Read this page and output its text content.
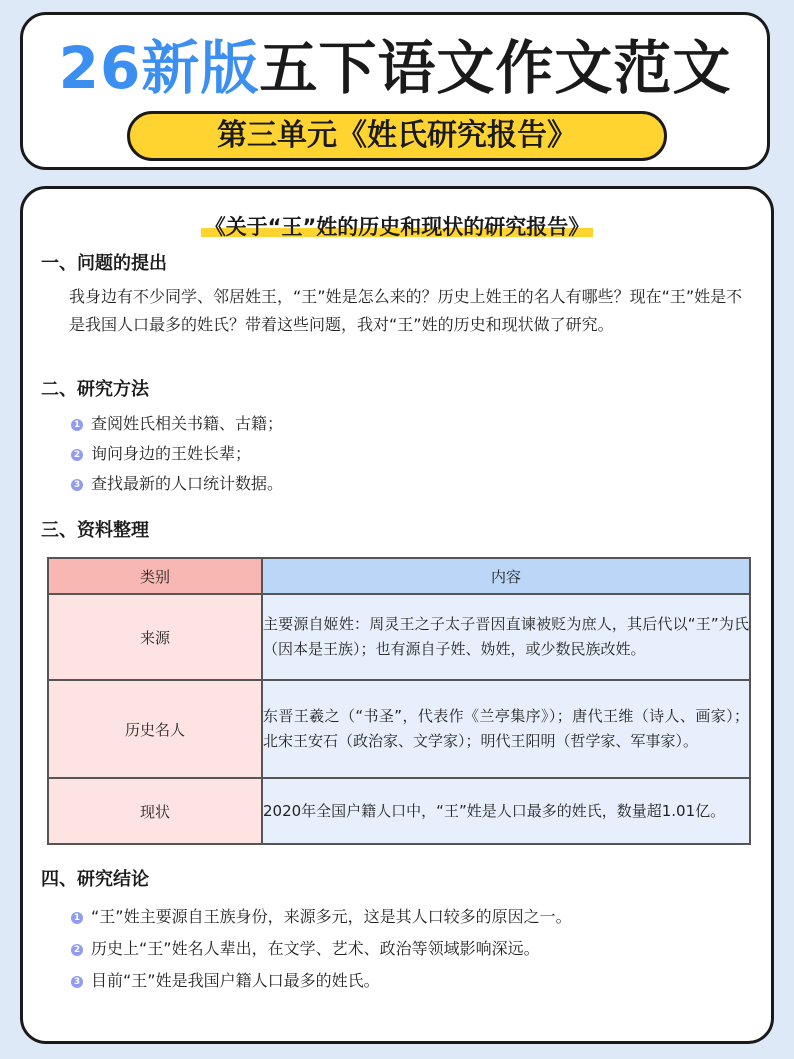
26新版五下语文作文范文
第三单元《姓氏研究报告》
《关于“王”姓的历史和现状的研究报告》
一、问题的提出
我身边有不少同学、邻居姓王，“王”姓是怎么来的？历史上姓王的名人有哪些？现在“王”姓是不是我国人口最多的姓氏？带着这些问题，我对“王”姓的历史和现状做了研究。
二、研究方法
1 查阅姓氏相关书籍、古籍；
2 询问身边的王姓长辈；
3 查找最新的人口统计数据。
三、资料整理
类别	内容
来源	主要源自姬姓：周灵王之子太子晋因直谏被贬为庶人，其后代以“王”为氏（因本是王族）；也有源自子姓、妫姓，或少数民族改姓。
历史名人	东晋王羲之（“书圣”，代表作《兰亭集序》）；唐代王维（诗人、画家）；北宋王安石（政治家、文学家）；明代王阳明（哲学家、军事家）。
现状	2020年全国户籍人口中，“王”姓是人口最多的姓氏，数量超1.01亿。
四、研究结论
1 “王”姓主要源自王族身份，来源多元，这是其人口较多的原因之一。
2 历史上“王”姓名人辈出，在文学、艺术、政治等领域影响深远。
3 目前“王”姓是我国户籍人口最多的姓氏。
